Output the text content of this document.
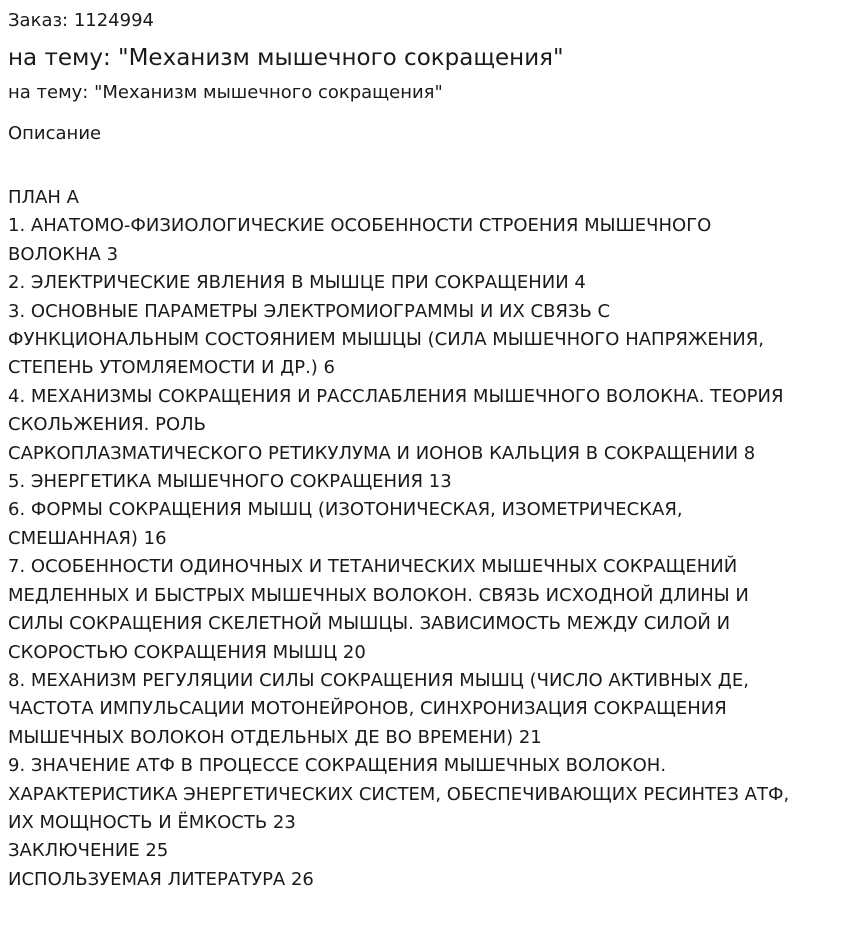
Заказ: 1124994

на тему: "Механизм мышечного сокращения"

на тему: "Механизм мышечного сокращения"

Описание

ПЛАН А
1. АНАТОМО-ФИЗИОЛОГИЧЕСКИЕ ОСОБЕННОСТИ СТРОЕНИЯ МЫШЕЧНОГО
ВОЛОКНА 3
2. ЭЛЕКТРИЧЕСКИЕ ЯВЛЕНИЯ В МЫШЦЕ ПРИ СОКРАЩЕНИИ 4
3. ОСНОВНЫЕ ПАРАМЕТРЫ ЭЛЕКТРОМИОГРАММЫ И ИХ СВЯЗЬ С
ФУНКЦИОНАЛЬНЫМ СОСТОЯНИЕМ МЫШЦЫ (СИЛА МЫШЕЧНОГО НАПРЯЖЕНИЯ,
СТЕПЕНЬ УТОМЛЯЕМОСТИ И ДР.) 6
4. МЕХАНИЗМЫ СОКРАЩЕНИЯ И РАССЛАБЛЕНИЯ МЫШЕЧНОГО ВОЛОКНА. ТЕОРИЯ
СКОЛЬЖЕНИЯ. РОЛЬ
САРКОПЛАЗМАТИЧЕСКОГО РЕТИКУЛУМА И ИОНОВ КАЛЬЦИЯ В СОКРАЩЕНИИ 8
5. ЭНЕРГЕТИКА МЫШЕЧНОГО СОКРАЩЕНИЯ 13
6. ФОРМЫ СОКРАЩЕНИЯ МЫШЦ (ИЗОТОНИЧЕСКАЯ, ИЗОМЕТРИЧЕСКАЯ,
СМЕШАННАЯ) 16
7. ОСОБЕННОСТИ ОДИНОЧНЫХ И ТЕТАНИЧЕСКИХ МЫШЕЧНЫХ СОКРАЩЕНИЙ
МЕДЛЕННЫХ И БЫСТРЫХ МЫШЕЧНЫХ ВОЛОКОН. СВЯЗЬ ИСХОДНОЙ ДЛИНЫ И
СИЛЫ СОКРАЩЕНИЯ СКЕЛЕТНОЙ МЫШЦЫ. ЗАВИСИМОСТЬ МЕЖДУ СИЛОЙ И
СКОРОСТЬЮ СОКРАЩЕНИЯ МЫШЦ 20
8. МЕХАНИЗМ РЕГУЛЯЦИИ СИЛЫ СОКРАЩЕНИЯ МЫШЦ (ЧИСЛО АКТИВНЫХ ДЕ,
ЧАСТОТА ИМПУЛЬСАЦИИ МОТОНЕЙРОНОВ, СИНХРОНИЗАЦИЯ СОКРАЩЕНИЯ
МЫШЕЧНЫХ ВОЛОКОН ОТДЕЛЬНЫХ ДЕ ВО ВРЕМЕНИ) 21
9. ЗНАЧЕНИЕ АТФ В ПРОЦЕССЕ СОКРАЩЕНИЯ МЫШЕЧНЫХ ВОЛОКОН.
ХАРАКТЕРИСТИКА ЭНЕРГЕТИЧЕСКИХ СИСТЕМ, ОБЕСПЕЧИВАЮЩИХ РЕСИНТЕЗ АТФ,
ИХ МОЩНОСТЬ И ЁМКОСТЬ 23
ЗАКЛЮЧЕНИЕ 25
ИСПОЛЬЗУЕМАЯ ЛИТЕРАТУРА 26
